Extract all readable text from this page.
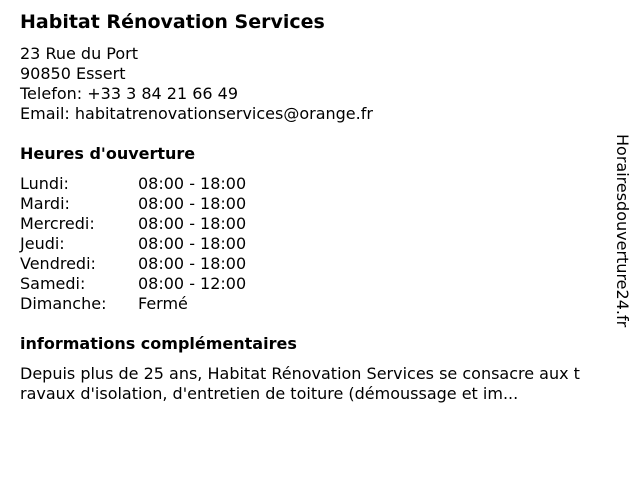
Habitat Rénovation Services
23 Rue du Port
90850 Essert
Telefon: +33 3 84 21 66 49
Email: habitatrenovationservices@orange.fr
Heures d'ouverture
Lundi:	08:00 - 18:00
Mardi:	08:00 - 18:00
Mercredi:	08:00 - 18:00
Jeudi:	08:00 - 18:00
Vendredi:	08:00 - 18:00
Samedi:	08:00 - 12:00
Dimanche: Fermé
informations complémentaires
Depuis plus de 25 ans, Habitat Rénovation Services se consacre aux t
ravaux d'isolation, d'entretien de toiture (démoussage et im...
Horairesdouverture24.fr
